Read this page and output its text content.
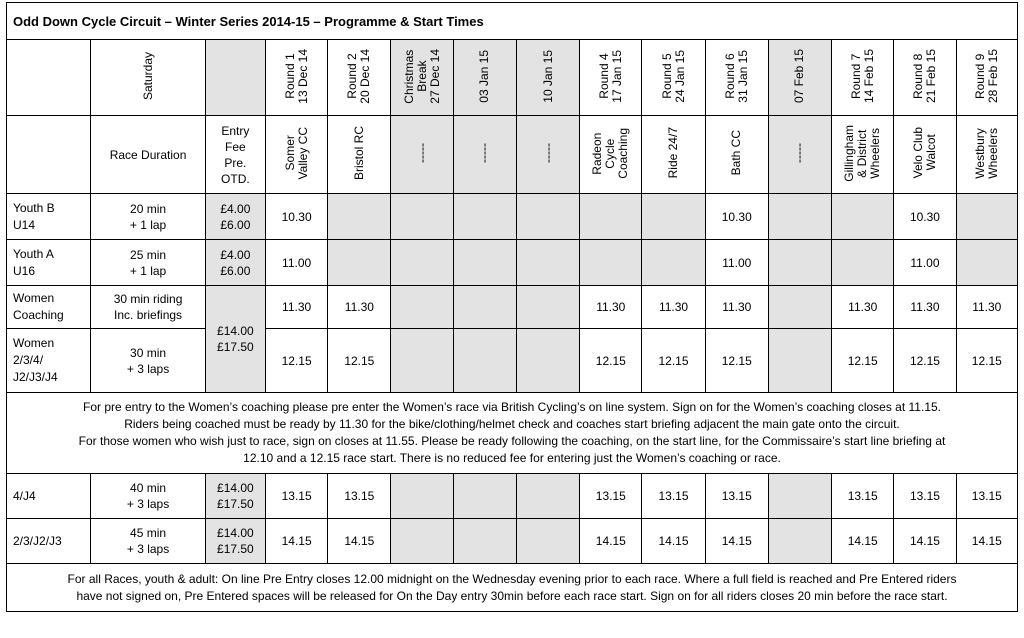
Odd Down Cycle Circuit – Winter Series 2014-15 – Programme & Start Times														
	Saturday		Round 1
13 Dec 14	Round 2
20 Dec 14	Christmas
Break
27 Dec 14	03 Jan 15	10 Jan 15	Round 4
17 Jan 15	Round 5
24 Jan 15	Round 6
31 Jan 15	07 Feb 15	Round 7
14 Feb 15	Round 8
21 Feb 15	Round 9
28 Feb 15
	Race Duration	Entry
Fee
Pre.
OTD.	Somer
Valley CC	Bristol RC	-----	-----	-----	Radeon
Cycle
Coaching	Ride 24/7	Bath CC	-----	Gillingham
& District
Wheelers	Velo Club
Walcot	Westbury
Wheelers
Youth B
U14	20 min
+ 1 lap	£4.00
£6.00	10.30							10.30			10.30	
Youth A
U16	25 min
+ 1 lap	£4.00
£6.00	11.00							11.00			11.00	
Women
Coaching	30 min riding
Inc. briefings	£14.00
£17.50	11.30	11.30				11.30	11.30	11.30		11.30	11.30	11.30
Women
2/3/4/
J2/J3/J4	30 min
+ 3 laps		12.15	12.15				12.15	12.15	12.15		12.15	12.15	12.15
For pre entry to the Women’s coaching please pre enter the Women’s race via British Cycling’s on line system. Sign on for the Women’s coaching closes at 11.15.
Riders being coached must be ready by 11.30 for the bike/clothing/helmet check and coaches start briefing adjacent the main gate onto the circuit.
For those women who wish just to race, sign on closes at 11.55. Please be ready following the coaching, on the start line, for the Commissaire’s start line briefing at
12.10 and a 12.15 race start. There is no reduced fee for entering just the Women’s coaching or race.														
4/J4	40 min
+ 3 laps	£14.00
£17.50	13.15	13.15				13.15	13.15	13.15		13.15	13.15	13.15
2/3/J2/J3	45 min
+ 3 laps	£14.00
£17.50	14.15	14.15				14.15	14.15	14.15		14.15	14.15	14.15
For all Races, youth & adult: On line Pre Entry closes 12.00 midnight on the Wednesday evening prior to each race. Where a full field is reached and Pre Entered riders
have not signed on, Pre Entered spaces will be released for On the Day entry 30min before each race start. Sign on for all riders closes 20 min before the race start.														
